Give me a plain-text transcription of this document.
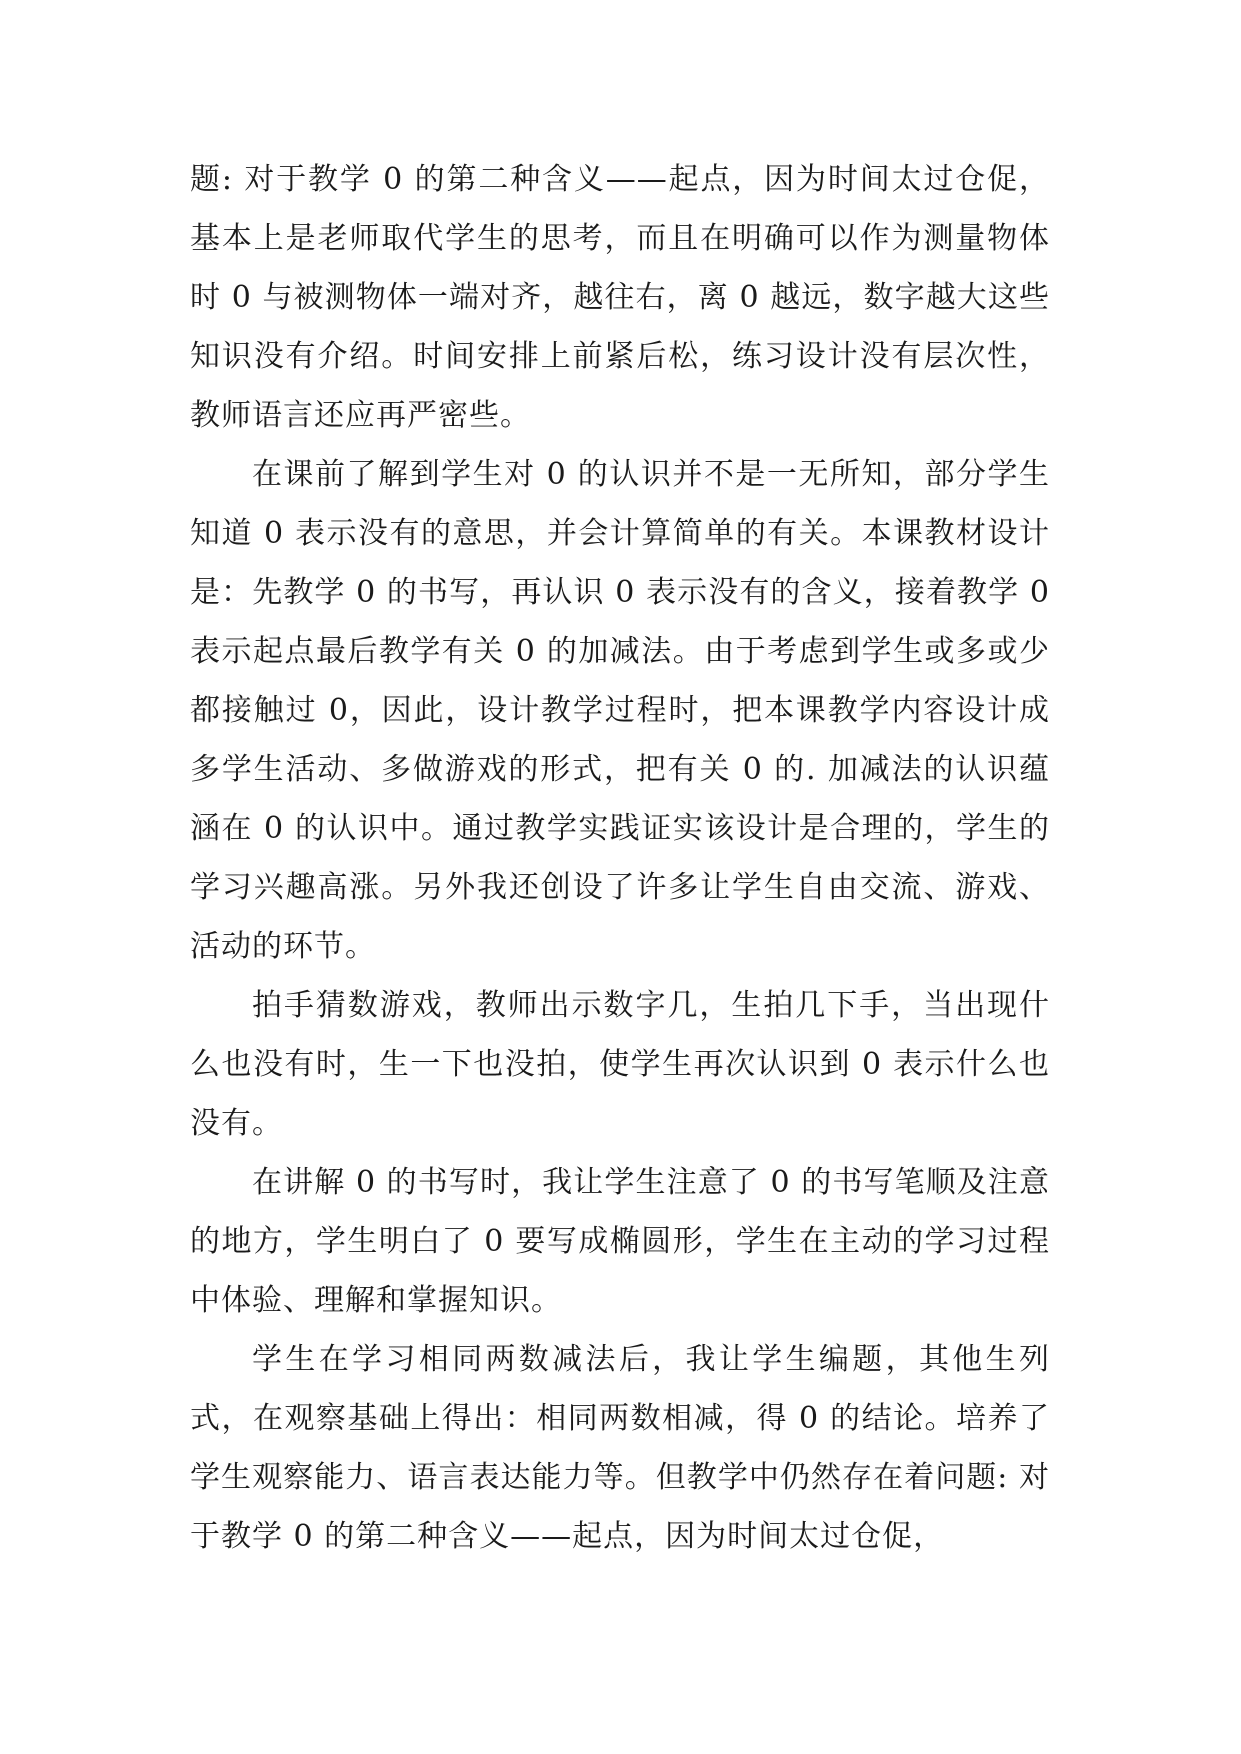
题: 对于教学 0 的第二种含义——起点，因为时间太过仓促，基本上是老师取代学生的思考，而且在明确可以作为测量物体时 0 与被测物体一端对齐，越往右，离 0 越远，数字越大这些知识没有介绍。时间安排上前紧后松，练习设计没有层次性，教师语言还应再严密些。

在课前了解到学生对 0 的认识并不是一无所知，部分学生知道 0 表示没有的意思，并会计算简单的有关。本课教材设计是：先教学 0 的书写，再认识 0 表示没有的含义，接着教学 0 表示起点最后教学有关 0 的加减法。由于考虑到学生或多或少都接触过 0，因此，设计教学过程时，把本课教学内容设计成多学生活动、多做游戏的形式，把有关 0 的. 加减法的认识蕴涵在 0 的认识中。通过教学实践证实该设计是合理的，学生的学习兴趣高涨。另外我还创设了许多让学生自由交流、游戏、活动的环节。

拍手猜数游戏，教师出示数字几，生拍几下手，当出现什么也没有时，生一下也没拍，使学生再次认识到 0 表示什么也没有。

在讲解 0 的书写时，我让学生注意了 0 的书写笔顺及注意的地方，学生明白了 0 要写成椭圆形，学生在主动的学习过程中体验、理解和掌握知识。

学生在学习相同两数减法后，我让学生编题，其他生列式，在观察基础上得出：相同两数相减，得 0 的结论。培养了学生观察能力、语言表达能力等。但教学中仍然存在着问题: 对于教学 0 的第二种含义——起点，因为时间太过仓促，
